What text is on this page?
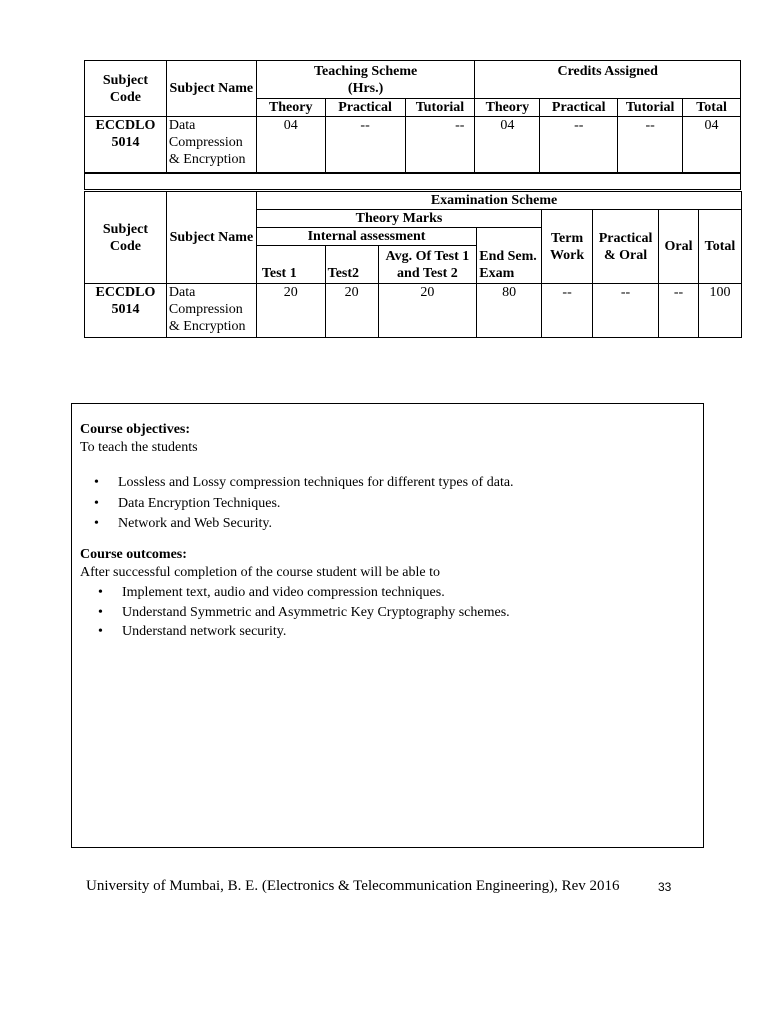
Subject Code	Subject Name	Teaching Scheme (Hrs.)			Credits Assigned			
		Theory	Practical	Tutorial	Theory	Practical	Tutorial	Total
ECCDLO 5014	Data Compression & Encryption	04	--	--	04	--	--	04
Subject Code	Subject Name	Examination Scheme							
		Theory Marks				Term Work	Practical & Oral	Oral	Total
		Internal assessment			End Sem. Exam				
		Test 1	Test2	Avg. Of Test 1 and Test 2					
ECCDLO 5014	Data Compression & Encryption	20	20	20	80	--	--	--	100
Course objectives:
To teach the students
• Lossless and Lossy compression techniques for different types of data.
• Data Encryption Techniques.
• Network and Web Security.
Course outcomes:
After successful completion of the course student will be able to
• Implement text, audio and video compression techniques.
• Understand Symmetric and Asymmetric Key Cryptography schemes.
• Understand network security.
University of Mumbai, B. E. (Electronics & Telecommunication Engineering), Rev 2016	33
